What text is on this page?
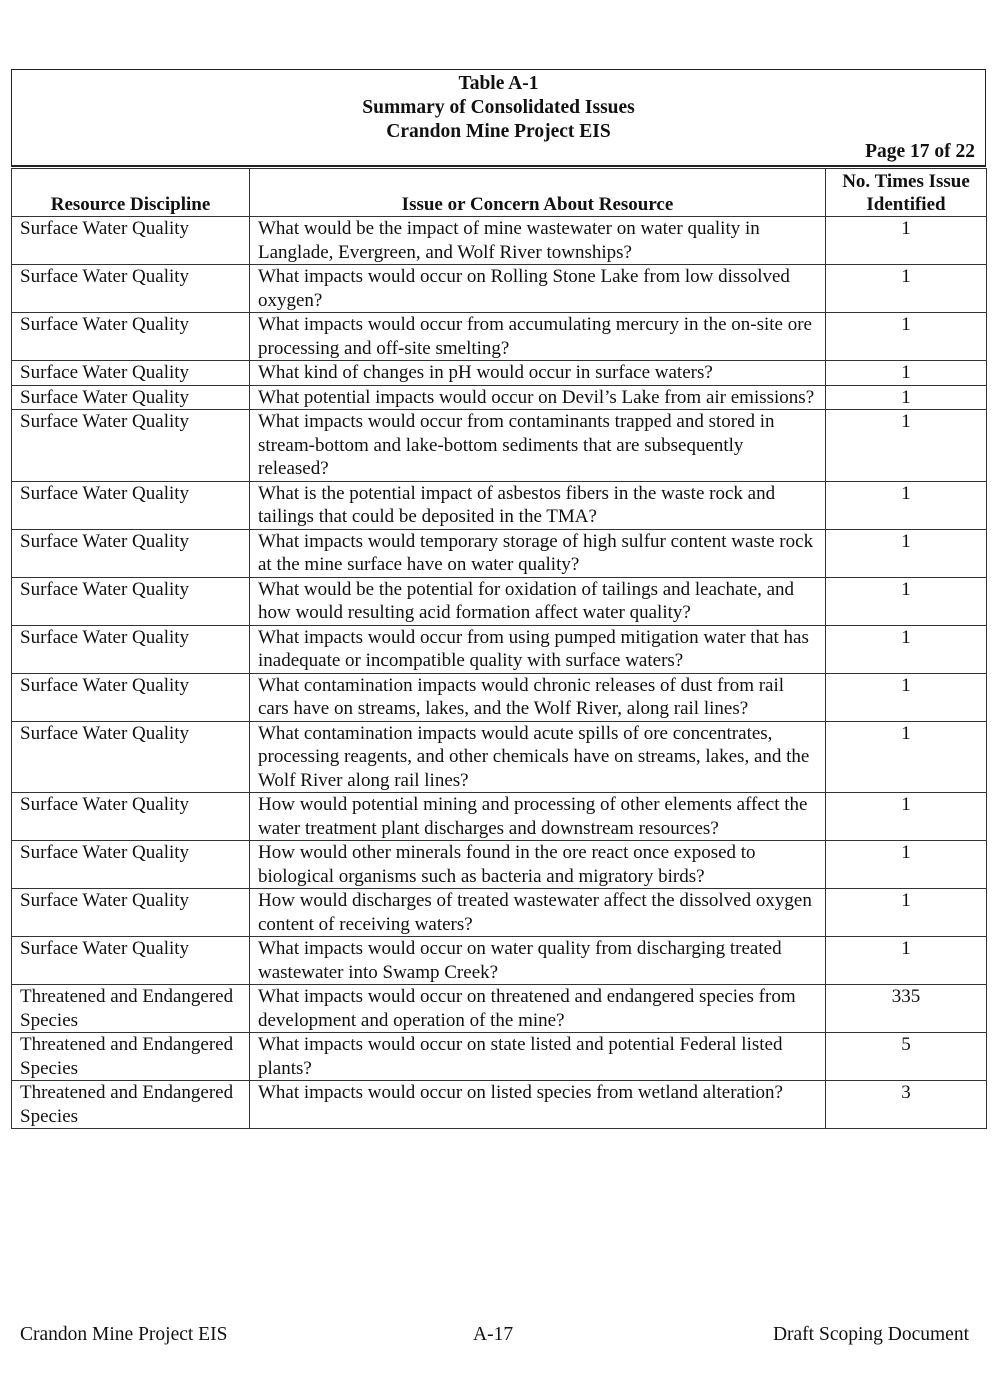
Table A-1
Summary of Consolidated Issues
Crandon Mine Project EIS
Page 17 of 22
Resource Discipline	Issue or Concern About Resource	No. Times Issue
Identified

Surface Water Quality	What would be the impact of mine wastewater on water quality in Langlade, Evergreen, and Wolf River townships?	1
Surface Water Quality	What impacts would occur on Rolling Stone Lake from low dissolved oxygen?	1
Surface Water Quality	What impacts would occur from accumulating mercury in the on-site ore processing and off-site smelting?	1
Surface Water Quality	What kind of changes in pH would occur in surface waters?	1
Surface Water Quality	What potential impacts would occur on Devil’s Lake from air emissions?	1
Surface Water Quality	What impacts would occur from contaminants trapped and stored in stream-bottom and lake-bottom sediments that are subsequently released?	1
Surface Water Quality	What is the potential impact of asbestos fibers in the waste rock and tailings that could be deposited in the TMA?	1
Surface Water Quality	What impacts would temporary storage of high sulfur content waste rock at the mine surface have on water quality?	1
Surface Water Quality	What would be the potential for oxidation of tailings and leachate, and how would resulting acid formation affect water quality?	1
Surface Water Quality	What impacts would occur from using pumped mitigation water that has inadequate or incompatible quality with surface waters?	1
Surface Water Quality	What contamination impacts would chronic releases of dust from rail cars have on streams, lakes, and the Wolf River, along rail lines?	1
Surface Water Quality	What contamination impacts would acute spills of ore concentrates, processing reagents, and other chemicals have on streams, lakes, and the Wolf River along rail lines?	1
Surface Water Quality	How would potential mining and processing of other elements affect the water treatment plant discharges and downstream resources?	1
Surface Water Quality	How would other minerals found in the ore react once exposed to biological organisms such as bacteria and migratory birds?	1
Surface Water Quality	How would discharges of treated wastewater affect the dissolved oxygen content of receiving waters?	1
Surface Water Quality	What impacts would occur on water quality from discharging treated wastewater into Swamp Creek?	1
Threatened and Endangered Species	What impacts would occur on threatened and endangered species from development and operation of the mine?	335
Threatened and Endangered Species	What impacts would occur on state listed and potential Federal listed plants?	5
Threatened and Endangered Species	What impacts would occur on listed species from wetland alteration?	3
Crandon Mine Project EIS	A-17	Draft Scoping Document
